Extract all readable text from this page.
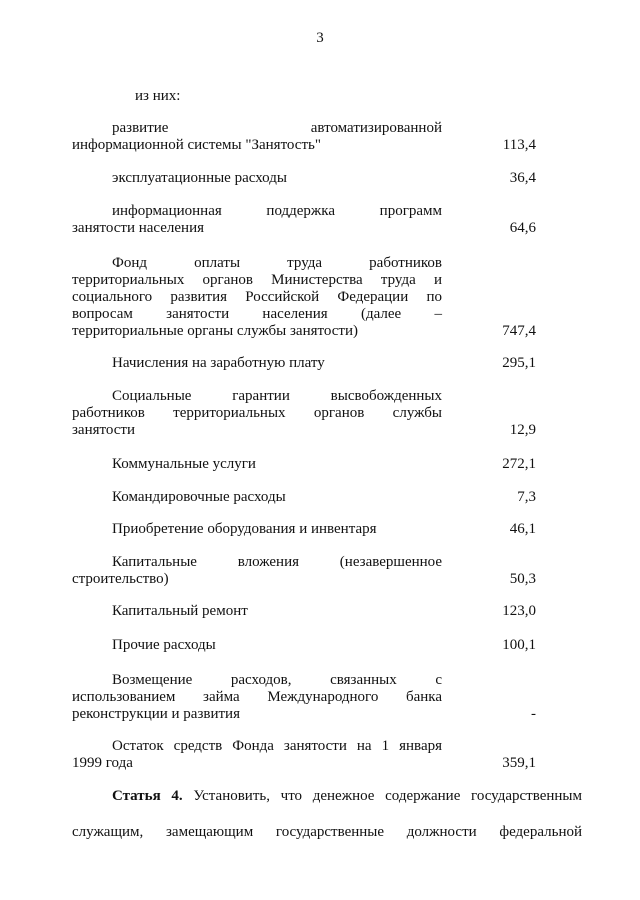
3
из них:
развитие автоматизированной
информационной системы "Занятость"	113,4
эксплуатационные расходы	36,4
информационная поддержка программ
занятости населения	64,6
Фонд оплаты труда работников
территориальных органов Министерства труда и
социального развития Российской Федерации по
вопросам занятости населения (далее –
территориальные органы службы занятости)	747,4
Начисления на заработную плату	295,1
Социальные гарантии высвобожденных
работников территориальных органов службы
занятости	12,9
Коммунальные услуги	272,1
Командировочные расходы	7,3
Приобретение оборудования и инвентаря	46,1
Капитальные вложения (незавершенное
строительство)	50,3
Капитальный ремонт	123,0
Прочие расходы	100,1
Возмещение расходов, связанных с
использованием займа Международного банка
реконструкции и развития	-
Остаток средств Фонда занятости на 1 января
1999 года	359,1
Статья 4. Установить, что денежное содержание государственным
служащим, замещающим государственные должности федеральной
